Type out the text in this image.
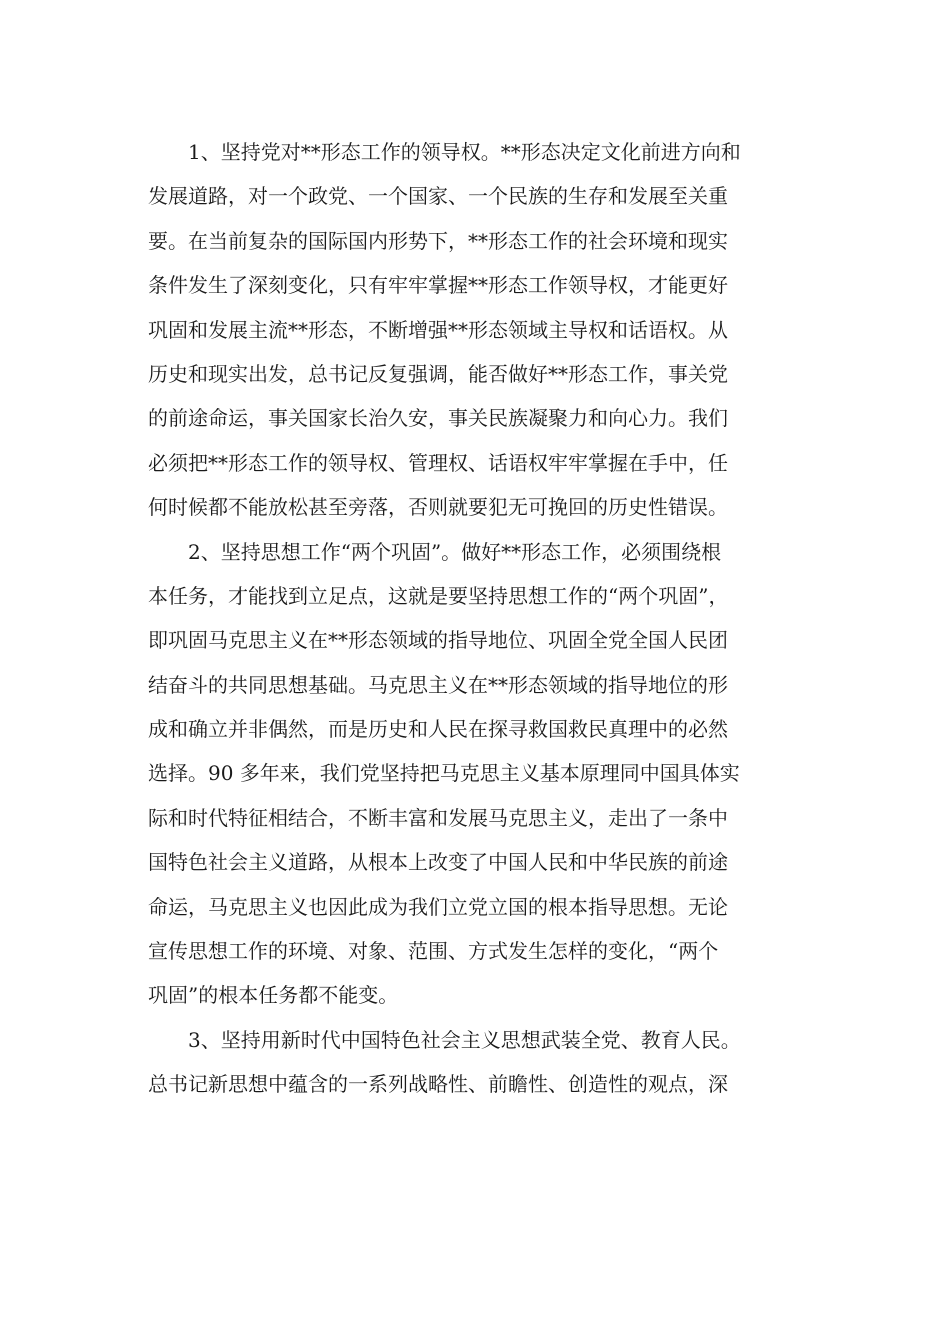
1、坚持党对**形态工作的领导权。**形态决定文化前进方向和
发展道路，对一个政党、一个国家、一个民族的生存和发展至关重
要。在当前复杂的国际国内形势下，**形态工作的社会环境和现实
条件发生了深刻变化，只有牢牢掌握**形态工作领导权，才能更好
巩固和发展主流**形态，不断增强**形态领域主导权和话语权。从
历史和现实出发，总书记反复强调，能否做好**形态工作，事关党
的前途命运，事关国家长治久安，事关民族凝聚力和向心力。我们
必须把**形态工作的领导权、管理权、话语权牢牢掌握在手中，任
何时候都不能放松甚至旁落，否则就要犯无可挽回的历史性错误。
2、坚持思想工作“两个巩固”。做好**形态工作，必须围绕根
本任务，才能找到立足点，这就是要坚持思想工作的“两个巩固”，
即巩固马克思主义在**形态领域的指导地位、巩固全党全国人民团
结奋斗的共同思想基础。马克思主义在**形态领域的指导地位的形
成和确立并非偶然，而是历史和人民在探寻救国救民真理中的必然
选择。90 多年来，我们党坚持把马克思主义基本原理同中国具体实
际和时代特征相结合，不断丰富和发展马克思主义，走出了一条中
国特色社会主义道路，从根本上改变了中国人民和中华民族的前途
命运，马克思主义也因此成为我们立党立国的根本指导思想。无论
宣传思想工作的环境、对象、范围、方式发生怎样的变化，“两个
巩固”的根本任务都不能变。
3、坚持用新时代中国特色社会主义思想武装全党、教育人民。
总书记新思想中蕴含的一系列战略性、前瞻性、创造性的观点，深
